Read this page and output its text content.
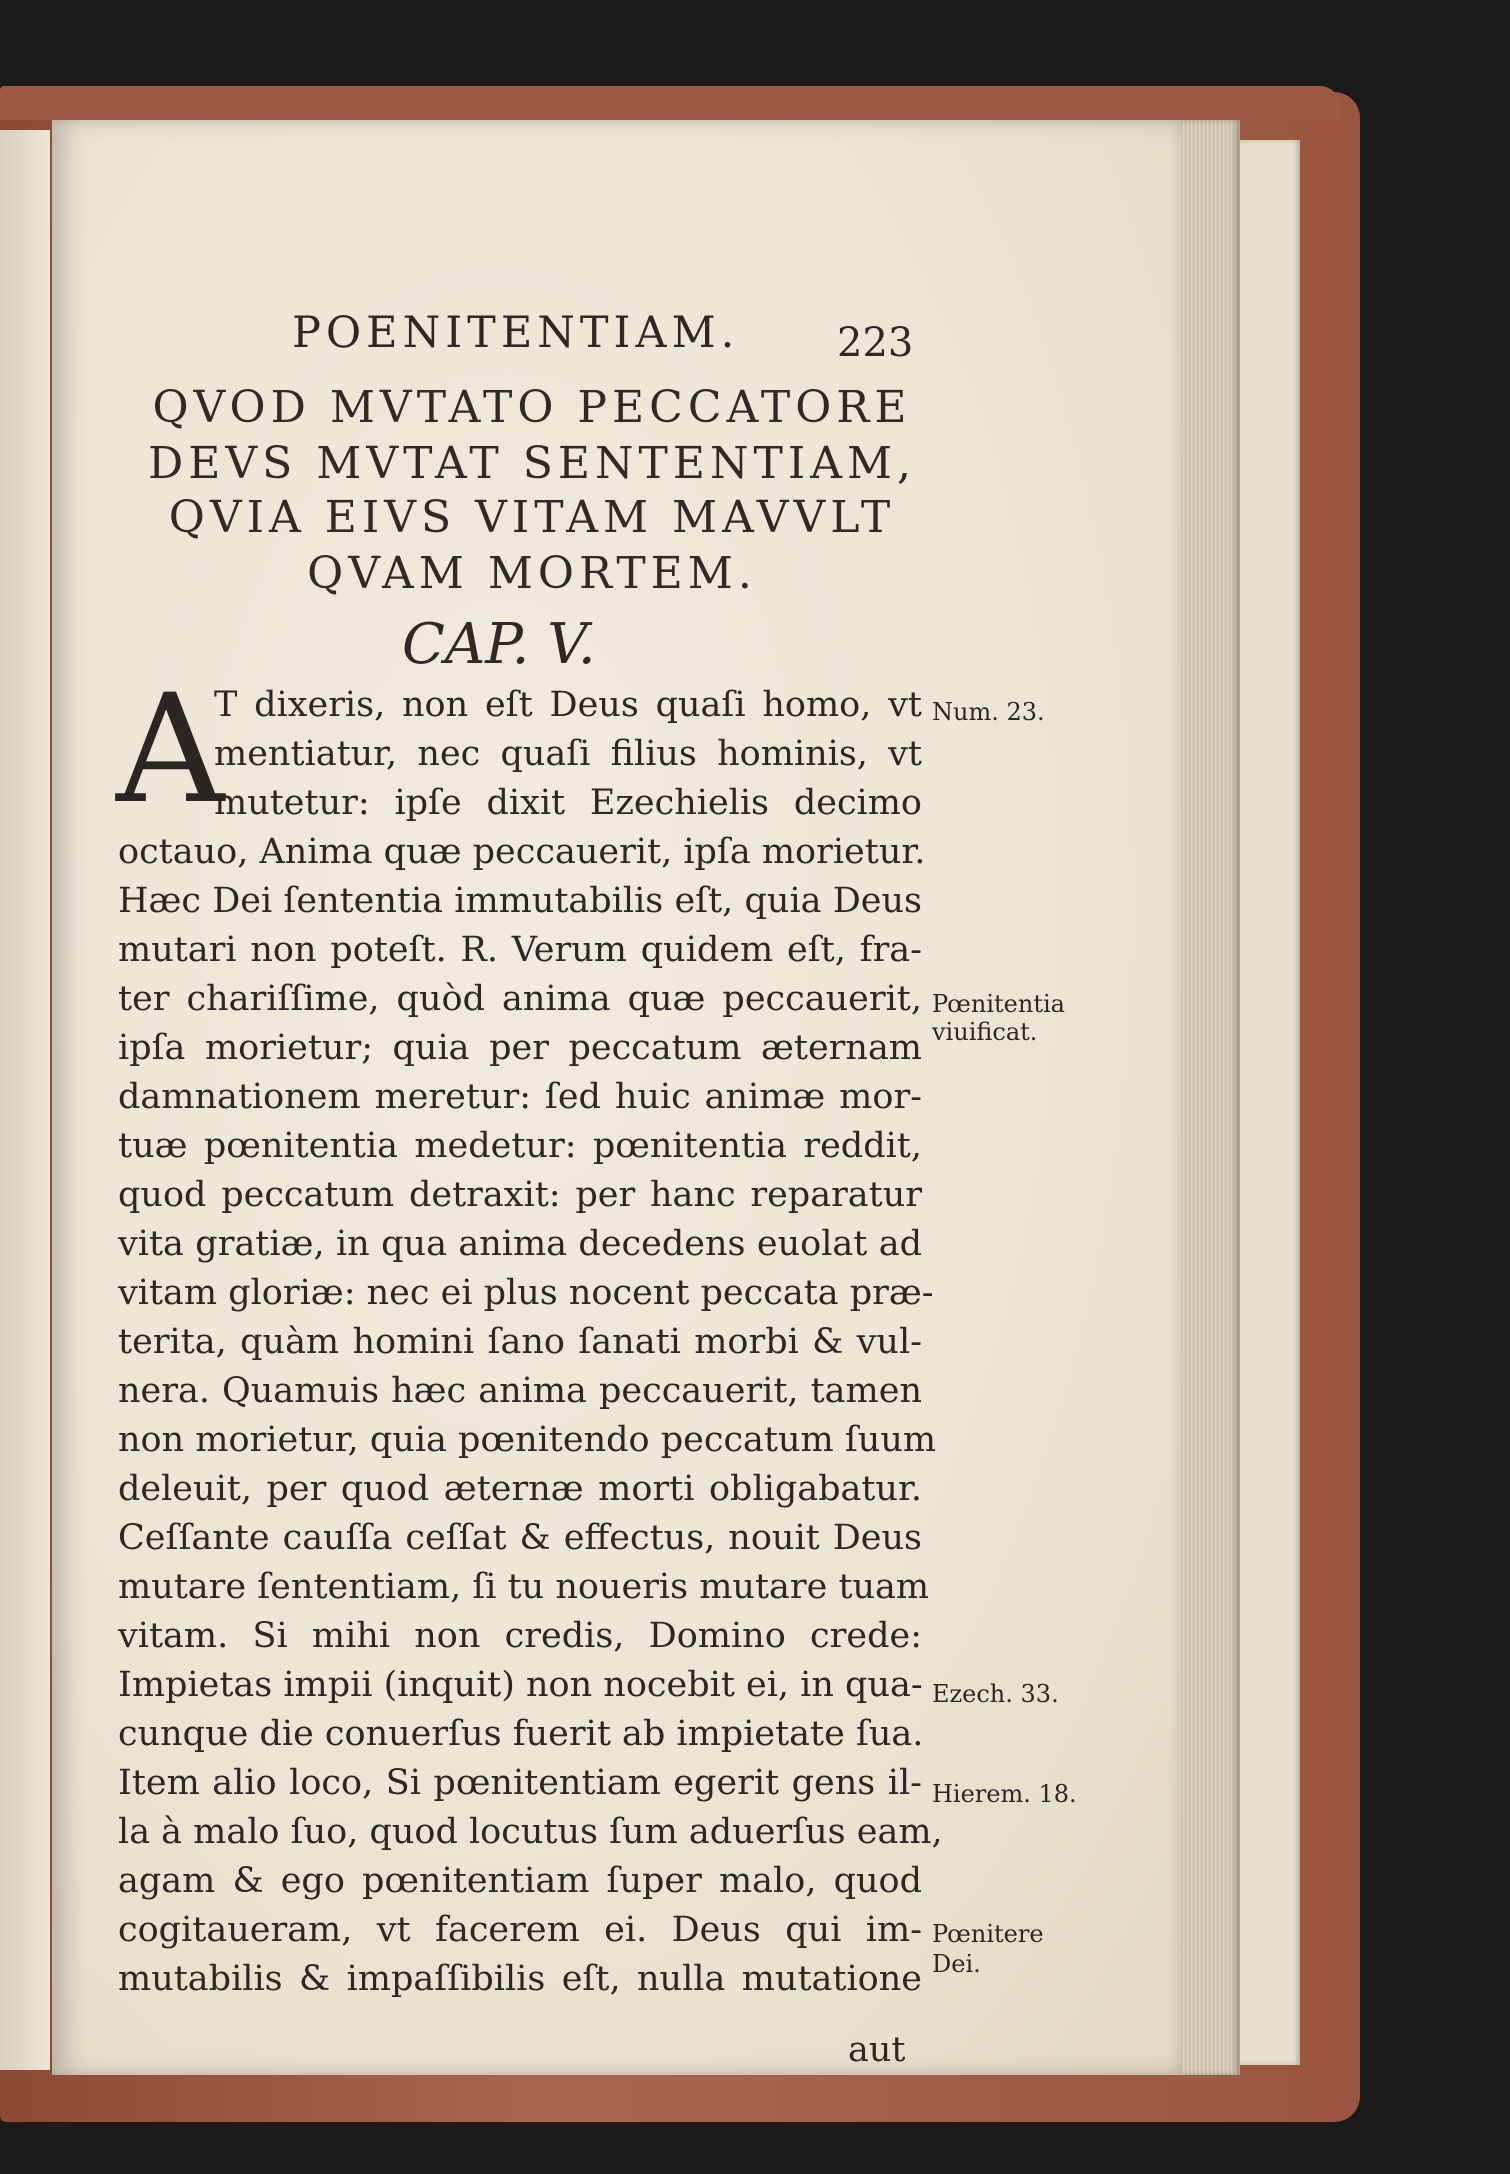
POENITENTIAM.	223
QVOD MVTATO PECCATORE
DEVS MVTAT SENTENTIAM,
QVIA EIVS VITAM MAVVLT
QVAM MORTEM.
CAP. V.
A
T dixeris, non eſt Deus quaſi homo, vt
mentiatur, nec quaſi filius hominis, vt
mutetur: ipſe dixit Ezechielis decimo
octauo, Anima quæ peccauerit, ipſa morietur.
Hæc Dei ſententia immutabilis eſt, quia Deus
mutari non poteſt. R. Verum quidem eſt, fra-
ter chariſſime, quòd anima quæ peccauerit,
ipſa morietur; quia per peccatum æternam
damnationem meretur: ſed huic animæ mor-
tuæ pœnitentia medetur: pœnitentia reddit,
quod peccatum detraxit: per hanc reparatur
vita gratiæ, in qua anima decedens euolat ad
vitam gloriæ: nec ei plus nocent peccata præ-
terita, quàm homini ſano ſanati morbi & vul-
nera. Quamuis hæc anima peccauerit, tamen
non morietur, quia pœnitendo peccatum ſuum
deleuit, per quod æternæ morti obligabatur.
Ceſſante cauſſa ceſſat & effectus, nouit Deus
mutare ſententiam, ſi tu noueris mutare tuam
vitam. Si mihi non credis, Domino crede:
Impietas impii (inquit) non nocebit ei, in qua-
cunque die conuerſus fuerit ab impietate ſua.
Item alio loco, Si pœnitentiam egerit gens il-
la à malo ſuo, quod locutus ſum aduerſus eam,
agam & ego pœnitentiam ſuper malo, quod
cogitaueram, vt facerem ei. Deus qui im-
mutabilis & impaſſibilis eſt, nulla mutatione
aut
Num. 23.
Pœnitentia
viuificat.
Ezech. 33.
Hierem. 18.
Pœnitere
Dei.
